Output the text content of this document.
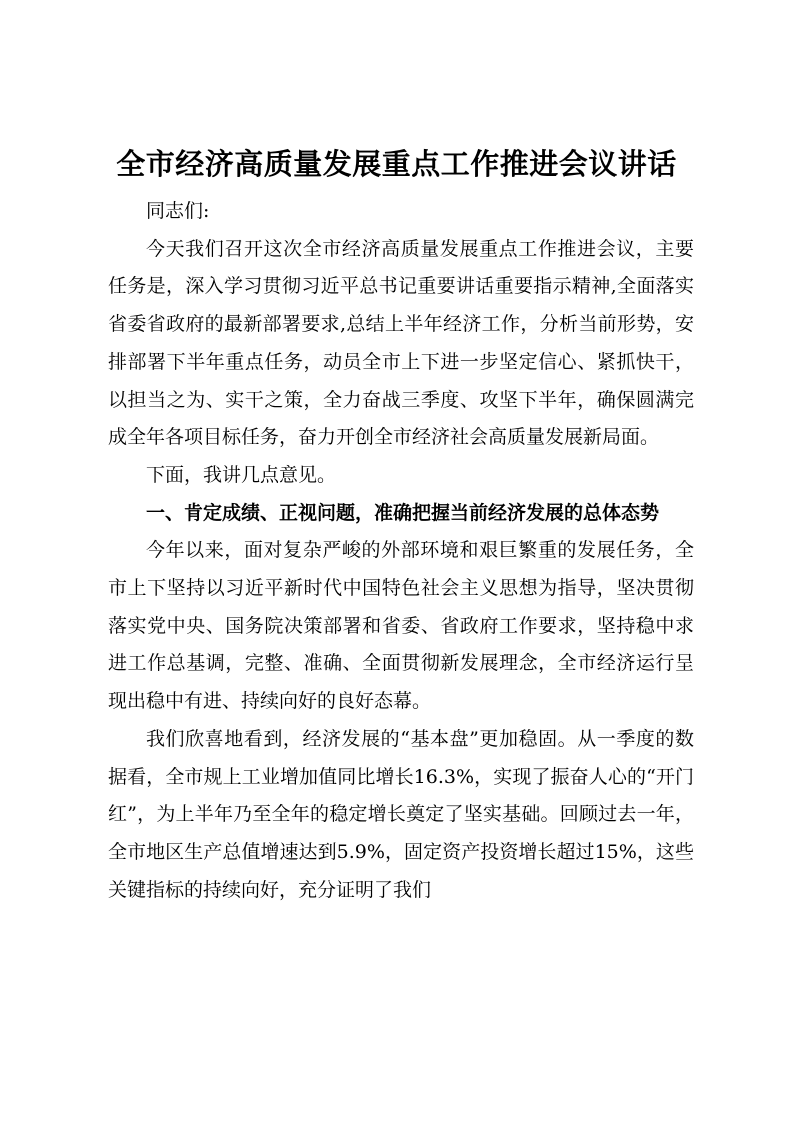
全市经济高质量发展重点工作推进会议讲话

同志们:

今天我们召开这次全市经济高质量发展重点工作推进会议，主要任务是，深入学习贯彻习近平总书记重要讲话重要指示精神,全面落实省委省政府的最新部署要求,总结上半年经济工作，分析当前形势，安排部署下半年重点任务，动员全市上下进一步坚定信心、紧抓快干，以担当之为、实干之策，全力奋战三季度、攻坚下半年，确保圆满完成全年各项目标任务，奋力开创全市经济社会高质量发展新局面。

下面，我讲几点意见。

一、肯定成绩、正视问题，准确把握当前经济发展的总体态势

今年以来，面对复杂严峻的外部环境和艰巨繁重的发展任务，全市上下坚持以习近平新时代中国特色社会主义思想为指导，坚决贯彻落实党中央、国务院决策部署和省委、省政府工作要求，坚持稳中求进工作总基调，完整、准确、全面贯彻新发展理念，全市经济运行呈现出稳中有进、持续向好的良好态幕。

我们欣喜地看到，经济发展的“基本盘”更加稳固。从一季度的数据看，全市规上工业增加值同比增长16.3%，实现了振奋人心的“开门红”，为上半年乃至全年的稳定增长奠定了坚实基础。回顾过去一年，全市地区生产总值增速达到5.9%，固定资产投资增长超过15%，这些关键指标的持续向好，充分证明了我们
